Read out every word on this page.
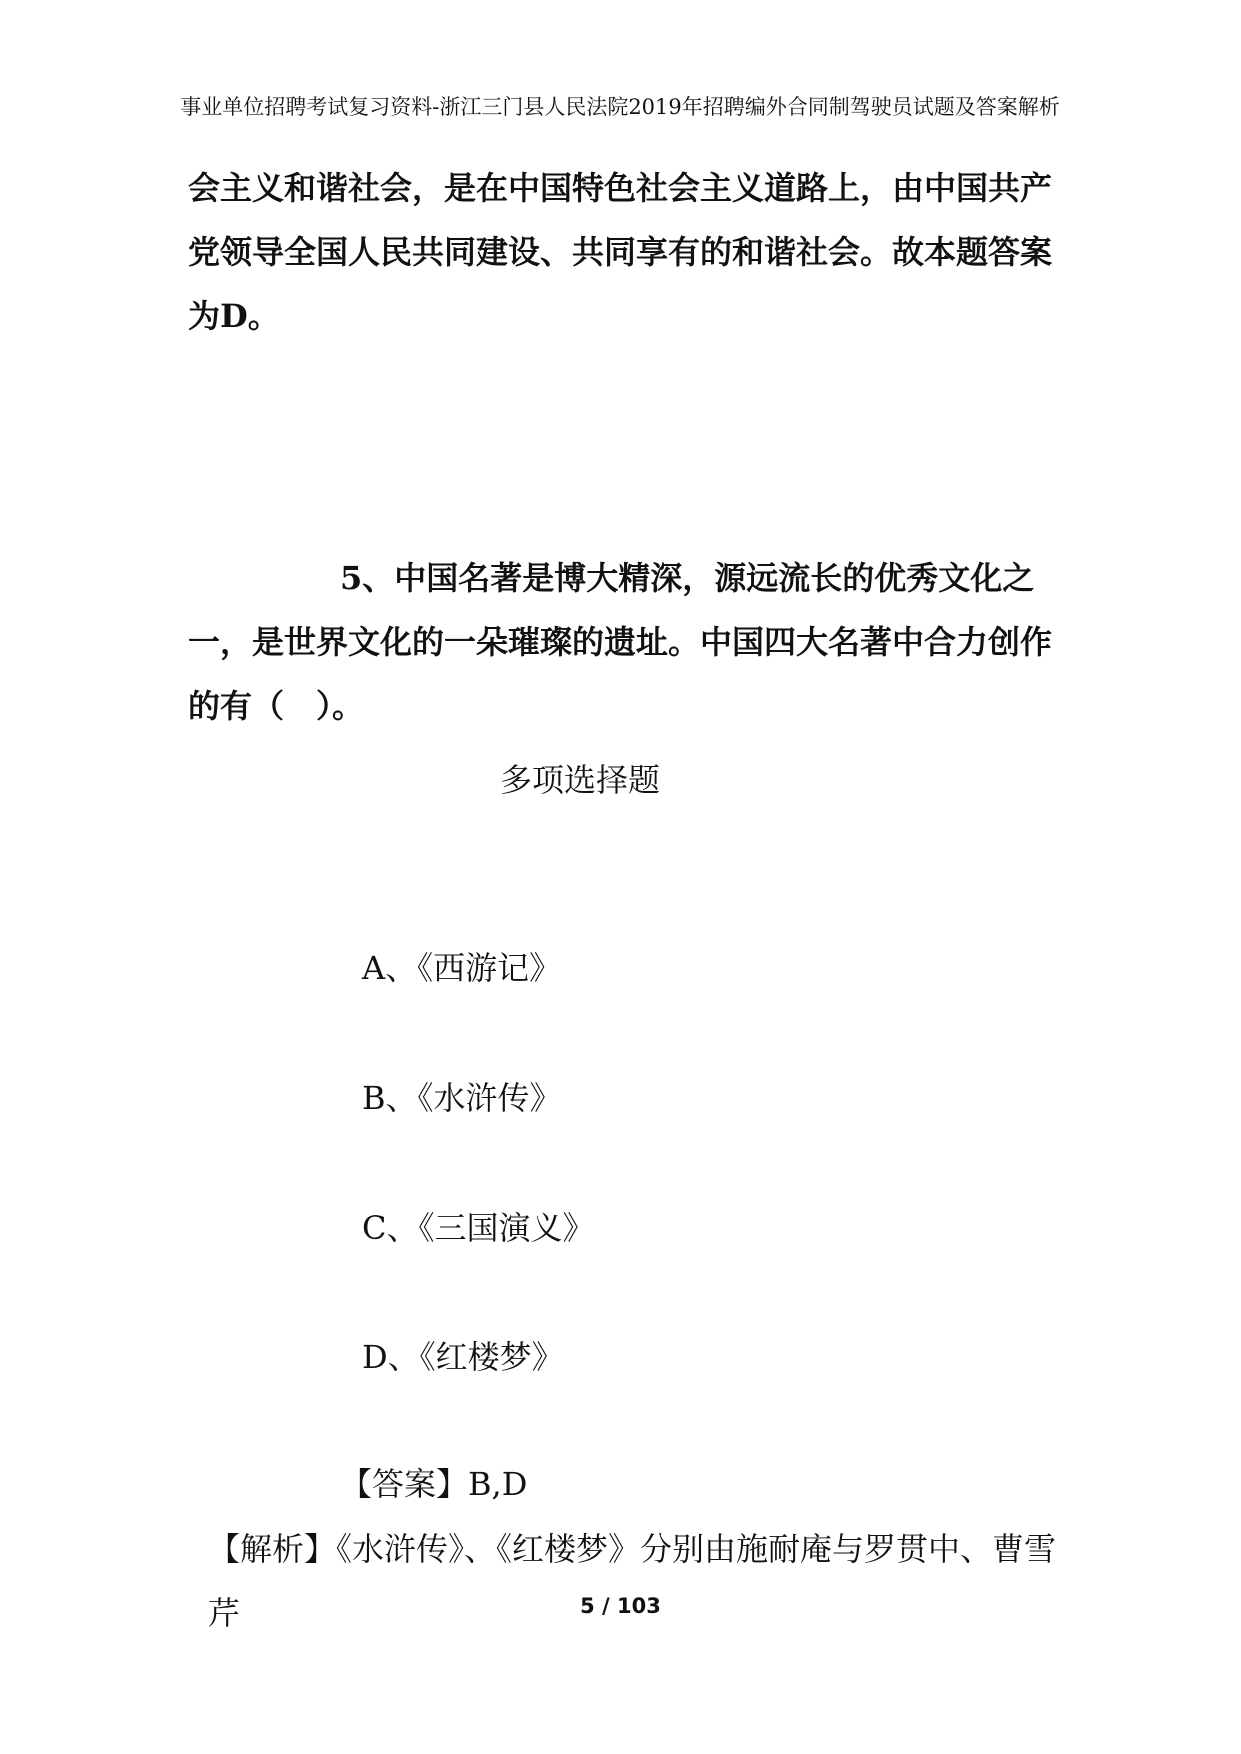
事业单位招聘考试复习资料-浙江三门县人民法院2019年招聘编外合同制驾驶员试题及答案解析

会主义和谐社会，是在中国特色社会主义道路上，由中国共产党领导全国人民共同建设、共同享有的和谐社会。故本题答案为D。

5、中国名著是博大精深，源远流长的优秀文化之一，是世界文化的一朵璀璨的遗址。中国四大名著中合力创作的有（　）。

多项选择题
A、《西游记》
B、《水浒传》
C、《三国演义》
D、《红楼梦》
【答案】B,D
【解析】《水浒传》、《红楼梦》分别由施耐庵与罗贯中、曹雪芹	5 / 103
